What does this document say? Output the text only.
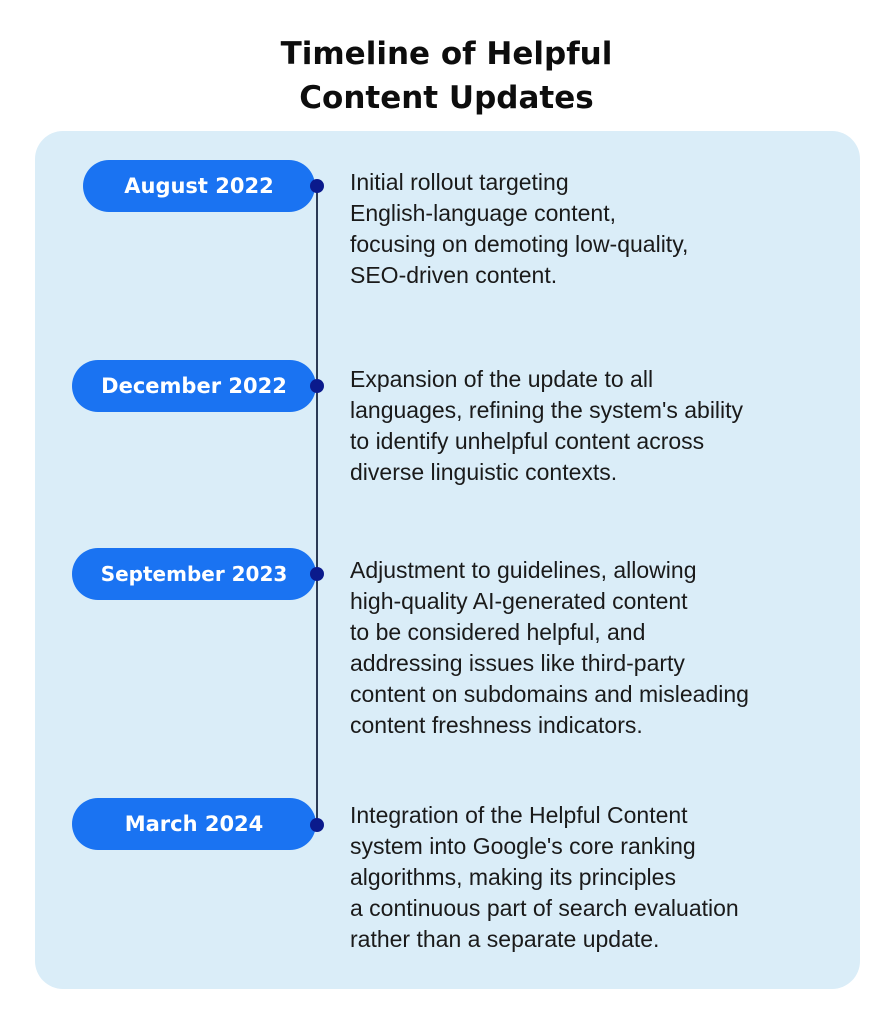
Timeline of Helpful
Content Updates
August 2022	Initial rollout targeting
English-language content,
focusing on demoting low-quality,
SEO-driven content.
December 2022	Expansion of the update to all
languages, refining the system's ability
to identify unhelpful content across
diverse linguistic contexts.
September 2023	Adjustment to guidelines, allowing
high-quality AI-generated content
to be considered helpful, and
addressing issues like third-party
content on subdomains and misleading
content freshness indicators.
March 2024	Integration of the Helpful Content
system into Google's core ranking
algorithms, making its principles
a continuous part of search evaluation
rather than a separate update.
